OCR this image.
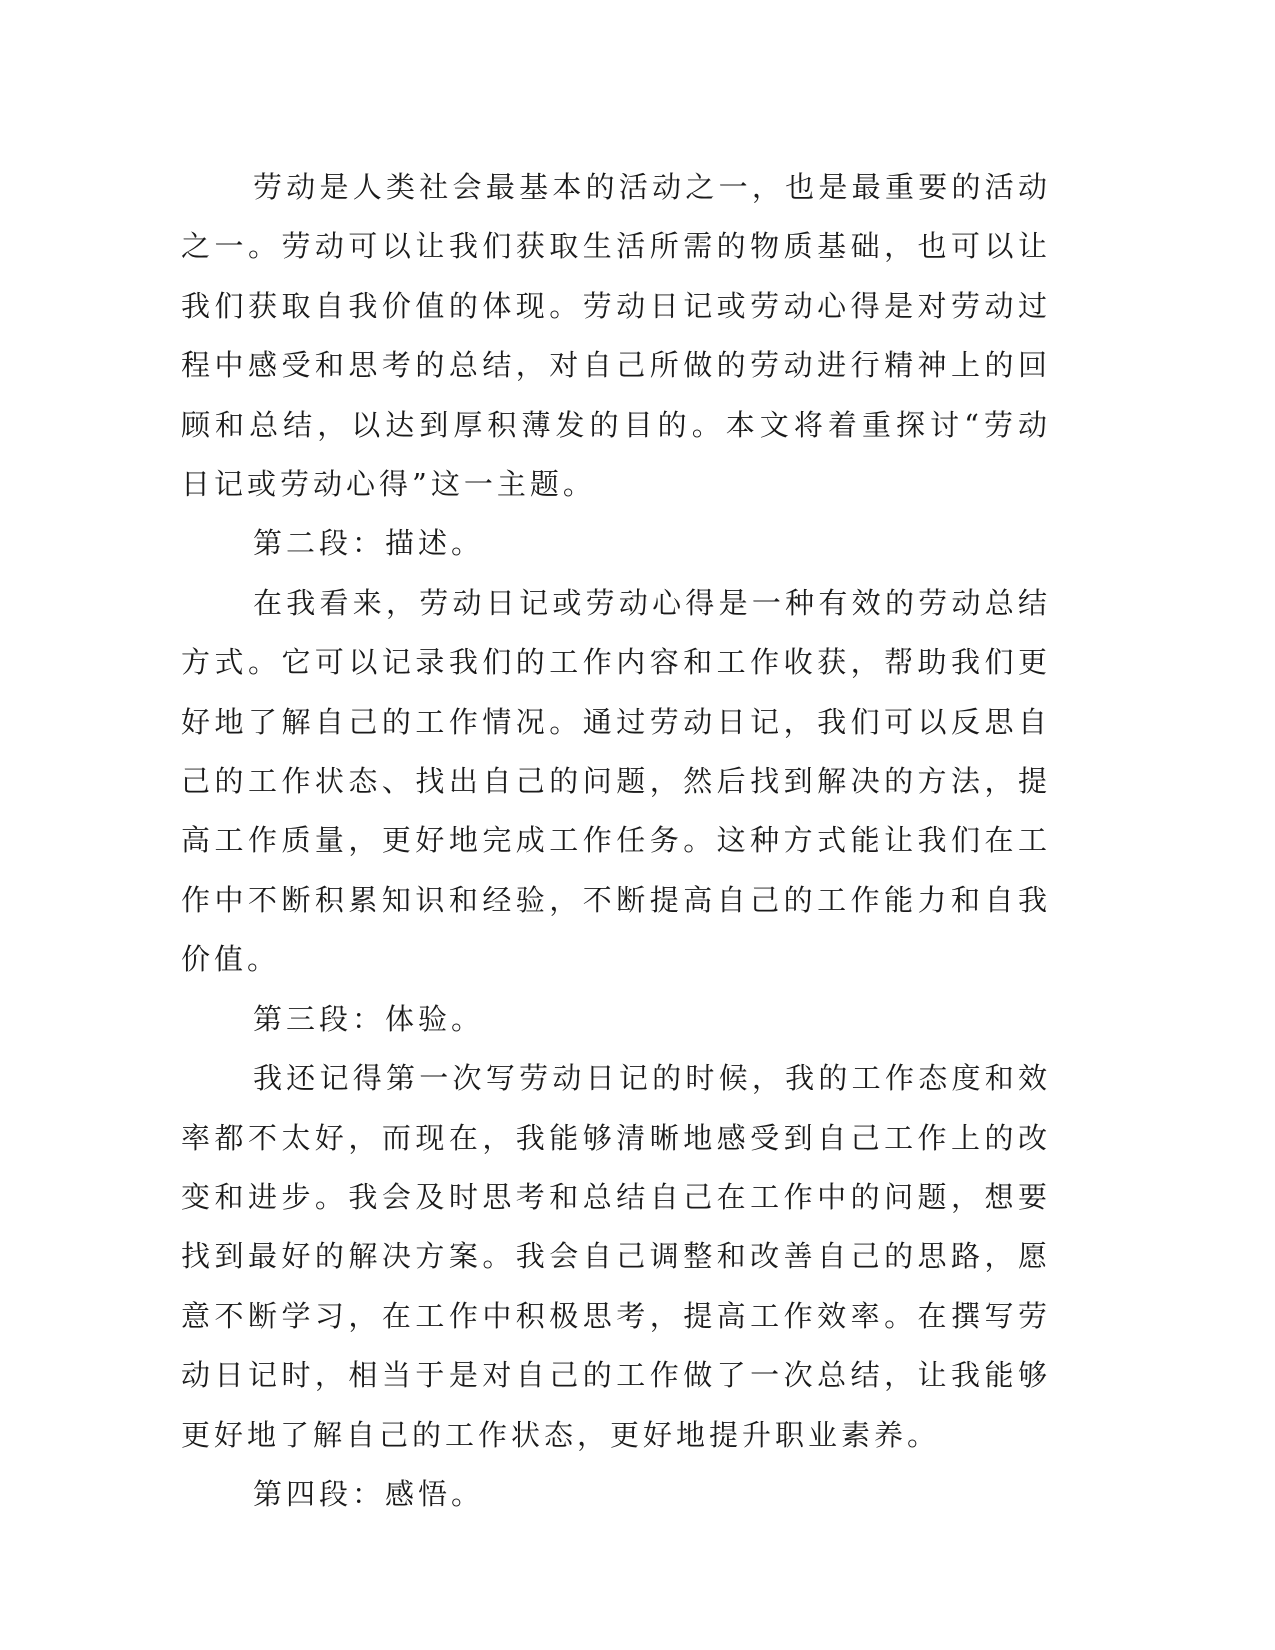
劳动是人类社会最基本的活动之一，也是最重要的活动之一。劳动可以让我们获取生活所需的物质基础，也可以让我们获取自我价值的体现。劳动日记或劳动心得是对劳动过程中感受和思考的总结，对自己所做的劳动进行精神上的回顾和总结，以达到厚积薄发的目的。本文将着重探讨“劳动日记或劳动心得”这一主题。

第二段：描述。

在我看来，劳动日记或劳动心得是一种有效的劳动总结方式。它可以记录我们的工作内容和工作收获，帮助我们更好地了解自己的工作情况。通过劳动日记，我们可以反思自己的工作状态、找出自己的问题，然后找到解决的方法，提高工作质量，更好地完成工作任务。这种方式能让我们在工作中不断积累知识和经验，不断提高自己的工作能力和自我价值。

第三段：体验。

我还记得第一次写劳动日记的时候，我的工作态度和效率都不太好，而现在，我能够清晰地感受到自己工作上的改变和进步。我会及时思考和总结自己在工作中的问题，想要找到最好的解决方案。我会自己调整和改善自己的思路，愿意不断学习，在工作中积极思考，提高工作效率。在撰写劳动日记时，相当于是对自己的工作做了一次总结，让我能够更好地了解自己的工作状态，更好地提升职业素养。

第四段：感悟。
